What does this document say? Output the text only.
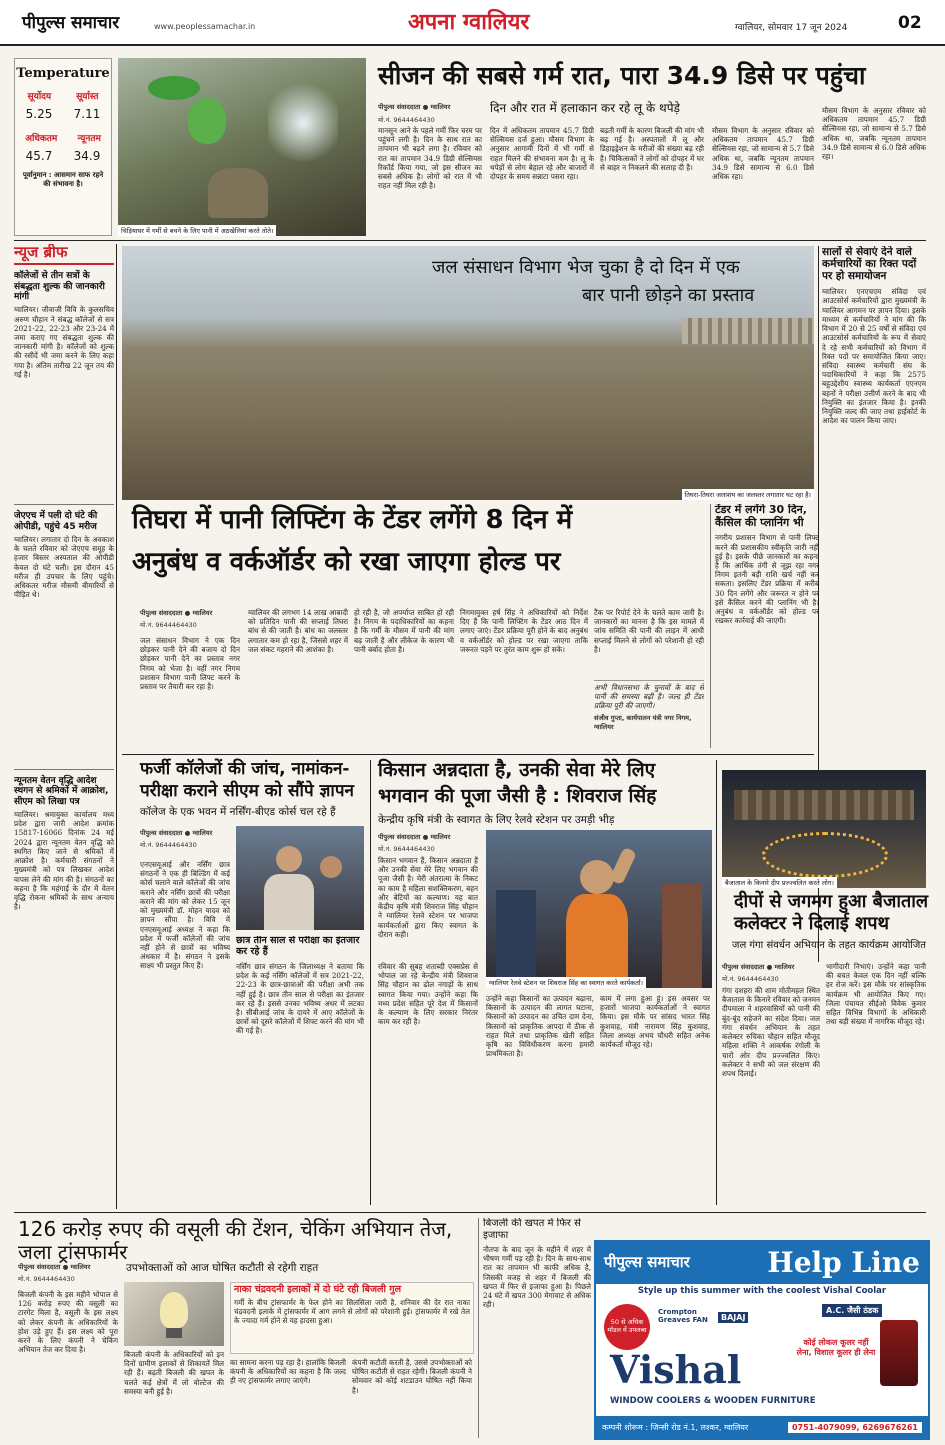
पीपुल्स समाचार	www.peoplessamachar.in	अपना ग्वालियर	ग्वालियर, सोमवार 17 जून 2024	02
Temperature
सूर्योदय	सूर्यास्त
5.25 7.11
अधिकतम न्यूनतम
45.7 34.9
पूर्वानुमान : आसमान साफ रहने की संभावना है।
चिड़ियाघर में गर्मी से बचने के लिए पानी में अठखेलियां करते तोते।
सीजन की सबसे गर्म रात, पारा 34.9 डिसे पर पहुंचा
पीपुल्स संवाददाता ● ग्वालियर
मो.नं. 9644464430
दिन और रात में हलाकान कर रहे लू के थपेड़े
मानसून आने के पहले गर्मी फिर चरम पर पहुंचने लगी है। दिन के साथ रात का तापमान भी बढ़ने लगा है। रविवार को रात का तापमान 34.9 डिग्री सेल्सियस रिकॉर्ड किया गया, जो इस सीजन का सबसे अधिक है। लोगों को रात में भी राहत नहीं मिल रही है।
दिन में अधिकतम तापमान 45.7 डिग्री सेल्सियस दर्ज हुआ। मौसम विभाग के अनुसार आगामी दिनों में भी गर्मी से राहत मिलने की संभावना कम है। लू के थपेड़ों से लोग बेहाल रहे और बाजारों में दोपहर के समय सन्नाटा पसरा रहा।
बढ़ती गर्मी के कारण बिजली की मांग भी बढ़ गई है। अस्पतालों में लू और डिहाइड्रेशन के मरीजों की संख्या बढ़ रही है। चिकित्सकों ने लोगों को दोपहर में घर से बाहर न निकलने की सलाह दी है।
मौसम विभाग के अनुसार रविवार को अधिकतम तापमान 45.7 डिग्री सेल्सियस रहा, जो सामान्य से 5.7 डिसे अधिक था, जबकि न्यूनतम तापमान 34.9 डिसे सामान्य से 6.0 डिसे अधिक रहा।
मौसम विभाग के अनुसार रविवार को अधिकतम तापमान 45.7 डिग्री सेल्सियस रहा, जो सामान्य से 5.7 डिसे अधिक था, जबकि न्यूनतम तापमान 34.9 डिसे सामान्य से 6.0 डिसे अधिक रहा।
न्यूज ब्रीफ
कॉलेजों से तीन सत्रों के संबद्धता शुल्क की जानकारी मांगी
ग्वालियर। जीवाजी विवि के कुलसचिव अरुण चौहान ने संबद्ध कॉलेजों से सत्र 2021-22, 22-23 और 23-24 में जमा कराए गए संबद्धता शुल्क की जानकारी मांगी है। कॉलेजों को शुल्क की रसीदें भी जमा करने के लिए कहा गया है। अंतिम तारीख 22 जून तय की गई है।
जेएएच में पली दो घंटे की ओपीडी, पहुंचे 45 मरीज
ग्वालियर। लगातार दो दिन के अवकाश के चलते रविवार को जेएएच समूह के हजार बिस्तर अस्पताल की ओपीडी केवल दो घंटे चली। इस दौरान 45 मरीज ही उपचार के लिए पहुंचे। अधिकतर मरीज मौसमी बीमारियों से पीड़ित थे।
न्यूनतम वेतन वृद्धि आदेश स्थगन से श्रमिकों में आक्रोश, सीएम को लिखा पत्र
ग्वालियर। श्रमायुक्त कार्यालय मध्य प्रदेश द्वारा जारी आदेश क्रमांक 15817-16066 दिनांक 24 मई 2024 द्वारा न्यूनतम वेतन वृद्धि को स्थगित किए जाने से श्रमिकों में आक्रोश है। कर्मचारी संगठनों ने मुख्यमंत्री को पत्र लिखकर आदेश वापस लेने की मांग की है। संगठनों का कहना है कि महंगाई के दौर में वेतन वृद्धि रोकना श्रमिकों के साथ अन्याय है।
जल संसाधन विभाग भेज चुका है दो दिन में एक
बार पानी छोड़ने का प्रस्ताव
तिघरा-तिघरा जलाशय का जलस्तर लगातार घट रहा है।
सालों से सेवाएं देने वाले कर्मचारियों का रिक्त पदों पर हो समायोजन
ग्वालियर। एनएचएम संविदा एवं आउटसोर्स कर्मचारियों द्वारा मुख्यमंत्री के ग्वालियर आगमन पर ज्ञापन दिया। इसके माध्यम से कर्मचारियों ने मांग की कि विभाग में 20 से 25 वर्षों से संविदा एवं आउटसोर्स कर्मचारियों के रूप में सेवाएं दे रहे सभी कर्मचारियों को विभाग में रिक्त पदों पर समायोजित किया जाए। संविदा स्वास्थ्य कर्मचारी संघ के पदाधिकारियों ने कहा कि 2575 बहुउद्देशीय स्वास्थ्य कार्यकर्ता एएनएम बहनों ने परीक्षा उत्तीर्ण करने के बाद भी नियुक्ति का इंतजार किया है। इनकी नियुक्ति जल्द की जाए तथा हाईकोर्ट के आदेश का पालन किया जाए।
तिघरा में पानी लिफ्टिंग के टेंडर लगेंगे 8 दिन में
अनुबंध व वर्कऑर्डर को रखा जाएगा होल्ड पर
पीपुल्स संवाददाता ● ग्वालियर
मो.नं. 9644464430
जल संसाधन विभाग ने एक दिन छोड़कर पानी देने की बजाय दो दिन छोड़कर पानी देने का प्रस्ताव नगर निगम को भेजा है। वहीं नगर निगम प्रशासन विभाग पानी लिफ्ट करने के प्रस्ताव पर तैयारी कर रहा है।
ग्वालियर की लगभग 14 लाख आबादी को प्रतिदिन पानी की सप्लाई तिघरा बांध से की जाती है। बांध का जलस्तर लगातार कम हो रहा है, जिससे शहर में जल संकट गहराने की आशंका है।
हो रही है, जो अपर्याप्त साबित हो रही है। निगम के पदाधिकारियों का कहना है कि गर्मी के मौसम में पानी की मांग बढ़ जाती है और लीकेज के कारण भी पानी बर्बाद होता है।
निगमायुक्त हर्ष सिंह ने अधिकारियों को निर्देश दिए हैं कि पानी लिफ्टिंग के टेंडर आठ दिन में लगाए जाएं। टेंडर प्रक्रिया पूरी होने के बाद अनुबंध व वर्कऑर्डर को होल्ड पर रखा जाएगा ताकि जरूरत पड़ने पर तुरंत काम शुरू हो सके।
टैंक पर रिपोर्ट देने के चलते काम जारी है। जानकारों का मानना है कि इस मामले में जांच समिति की पानी की लाइन में आधी सप्लाई मिलने से लोगों को परेशानी हो रही है।
अभी विधानसभा के चुनावों के बाद से पानी की समस्या बढ़ी है। जल्द ही टेंडर प्रक्रिया पूरी की जाएगी।
संजीव गुप्ता, कार्यपालन यंत्री नगर निगम, ग्वालियर
टेंडर में लगेंगे 30 दिन, कैंसिल की प्लानिंग भी
नगरीय प्रशासन विभाग से पानी लिफ्ट करने की प्रशासकीय स्वीकृति जारी नहीं हुई है। इसके पीछे जानकारों का कहना है कि आर्थिक तंगी से जूझ रहा नगर निगम इतनी बड़ी राशि खर्च नहीं कर सकता। इसलिए टेंडर प्रक्रिया में करीब 30 दिन लगेंगे और जरूरत न होने पर इसे कैंसिल करने की प्लानिंग भी है। अनुबंध व वर्कऑर्डर को होल्ड पर रखकर कार्रवाई की जाएगी।
फर्जी कॉलेजों की जांच, नामांकन-
परीक्षा कराने सीएम को सौंपे ज्ञापन
कॉलेज के एक भवन में नर्सिंग-बीएड कोर्स चल रहे हैं
पीपुल्स संवाददाता ● ग्वालियर
मो.नं. 9644464430
एनएसयूआई और नर्सिंग छात्र संगठनों ने एक ही बिल्डिंग में कई कोर्स चलाने वाले कॉलेजों की जांच कराने और नर्सिंग छात्रों की परीक्षा कराने की मांग को लेकर 15 जून को मुख्यमंत्री डॉ. मोहन यादव को ज्ञापन सौंपा है। विवि में एनएसयूआई अध्यक्ष ने कहा कि प्रदेश में फर्जी कॉलेजों की जांच नहीं होने से छात्रों का भविष्य अंधकार में है। संगठन ने इसके साक्ष्य भी प्रस्तुत किए हैं।
छात्र तीन साल से परीक्षा का इंतजार कर रहे हैं
नर्सिंग छात्र संगठन के जिलाध्यक्ष ने बताया कि प्रदेश के कई नर्सिंग कॉलेजों में सत्र 2021-22, 22-23 के छात्र-छात्राओं की परीक्षा अभी तक नहीं हुई है। छात्र तीन साल से परीक्षा का इंतजार कर रहे हैं। इससे उनका भविष्य अधर में लटका है। सीबीआई जांच के दायरे में आए कॉलेजों के छात्रों को दूसरे कॉलेजों में शिफ्ट करने की मांग भी की गई है।
किसान अन्नदाता है, उनकी सेवा मेरे लिए
भगवान की पूजा जैसी है : शिवराज सिंह
केन्द्रीय कृषि मंत्री के स्वागत के लिए रेलवे स्टेशन पर उमड़ी भीड़
पीपुल्स संवाददाता ● ग्वालियर
मो.नं. 9644464430
किसान भगवान हैं, किसान अन्नदाता हैं और उनकी सेवा मेरे लिए भगवान की पूजा जैसी है। मेरी अंतरात्मा के निकट का काम है महिला सशक्तिकरण, बहन और बेटियों का कल्याण। यह बात केंद्रीय कृषि मंत्री शिवराज सिंह चौहान ने ग्वालियर रेलवे स्टेशन पर भाजपा कार्यकर्ताओं द्वारा किए स्वागत के दौरान कही।
रविवार की सुबह शताब्दी एक्सप्रेस से भोपाल जा रहे केन्द्रीय मंत्री शिवराज सिंह चौहान का ढोल नगाड़ों के साथ स्वागत किया गया। उन्होंने कहा कि मध्य प्रदेश सहित पूरे देश में किसानों के कल्याण के लिए सरकार निरंतर काम कर रही है।
ग्वालियर रेलवे स्टेशन पर शिवराज सिंह का स्वागत करते कार्यकर्ता।
उन्होंने कहा किसानों का उत्पादन बढ़ाना, किसानों के उत्पादन की लागत घटाना, किसानों को उत्पादन का उचित दाम देना, किसानों को प्राकृतिक आपदा में ठीक से राहत मिले तथा प्राकृतिक खेती सहित कृषि का विविधीकरण करना हमारी प्राथमिकता है।
काम में लगा हुआ हूं। इस अवसर पर हजारों भाजपा कार्यकर्ताओं ने स्वागत किया। इस मौके पर सांसद भारत सिंह कुशवाह, मंत्री नारायण सिंह कुशवाह, जिला अध्यक्ष अभय चौधरी सहित अनेक कार्यकर्ता मौजूद रहे।
बैजाताल के किनारे दीप प्रज्ज्वलित करते लोग।
दीपों से जगमग हुआ बैजाताल
कलेक्टर ने दिलाई शपथ
जल गंगा संवर्धन अभियान के तहत कार्यक्रम आयोजित
पीपुल्स संवाददाता ● ग्वालियर
मो.नं. 9644464430
गंगा दशहरा की शाम मोतीमहल स्थित बैजाताल के किनारे रविवार को जनमन दीपमाला ने शहरवासियों को पानी की बूंद-बूंद सहेजने का संदेश दिया। जल गंगा संवर्धन अभियान के तहत कलेक्टर रुचिका चौहान सहित मौजूद महिला शक्ति ने आकर्षक रंगोली के चारों ओर दीप प्रज्ज्वलित किए। कलेक्टर ने सभी को जल संरक्षण की शपथ दिलाई।
भागीदारी निभाएं। उन्होंने कहा पानी की बचत केवल एक दिन नहीं बल्कि हर रोज करें। इस मौके पर सांस्कृतिक कार्यक्रम भी आयोजित किए गए। जिला पंचायत सीईओ विवेक कुमार सहित विभिन्न विभागों के अधिकारी तथा बड़ी संख्या में नागरिक मौजूद रहे।
126 करोड़ रुपए की वसूली की टेंशन, चेकिंग अभियान तेज, जला ट्रांसफार्मर
पीपुल्स संवाददाता ● ग्वालियर
मो.नं. 9644464430
उपभोक्ताओं को आज घोषित कटौती से रहेगी राहत
बिजली कंपनी के इस महीने भोपाल से 126 करोड़ रुपए की वसूली का टारगेट मिला है, वसूली के इस लक्ष्य को लेकर कंपनी के अधिकारियों के होश उड़े हुए हैं। इस लक्ष्य को पूरा करने के लिए कंपनी ने चेकिंग अभियान तेज कर दिया है।
बिजली कंपनी के अधिकारियों को इन दिनों ग्रामीण इलाकों से शिकायतें मिल रही हैं। बढ़ती बिजली की खपत के चलते कई क्षेत्रों में लो वोल्टेज की समस्या बनी हुई है।
नाका चंद्रवदनी इलाकों में दो घंटे रही बिजली गुल
गर्मी के बीच ट्रांसफार्मर के फेल होने का सिलसिला जारी है, शनिवार की देर रात नाका चंद्रवदनी इलाके में ट्रांसफार्मर में आग लगने से लोगों को परेशानी हुई। ट्रांसफार्मर में रखे तेल के ज्यादा गर्म होने से यह हादसा हुआ।
का सामना करना पड़ रहा है। हालांकि बिजली कंपनी के अधिकारियों का कहना है कि जल्द ही नए ट्रांसफार्मर लगाए जाएंगे।
कंपनी कटौती करती है, उससे उपभोक्ताओं को घोषित कटौती से राहत रहेगी। बिजली कंपनी ने सोमवार को कोई शटडाउन घोषित नहीं किया है।
बिजली की खपत में फिर से इजाफा
नौतपा के बाद जून के महीने में शहर में भीषण गर्मी पड़ रही है। दिन के साथ-साथ रात का तापमान भी काफी अधिक है, जिसकी वजह से शहर में बिजली की खपत में फिर से इजाफा हुआ है। पिछले 24 घंटे में खपत 300 मेगावाट से अधिक रही।
पीपुल्स समाचार	Help Line
Style up this summer with the coolest Vishal Coolar
50 से अधिक मॉडल में उपलब्ध
Crompton Greaves FAN	BAJAJ
A.C. जैसी ठंडक
Vishal
कोई लोकल कूलर नहीं लेना, विशाल कूलर ही लेना
WINDOW COOLERS & WOODEN FURNITURE
कम्पनी शोरूम : जिन्सी रोड नं.1, लश्कर, ग्वालियर	0751-4079099, 6269676261
